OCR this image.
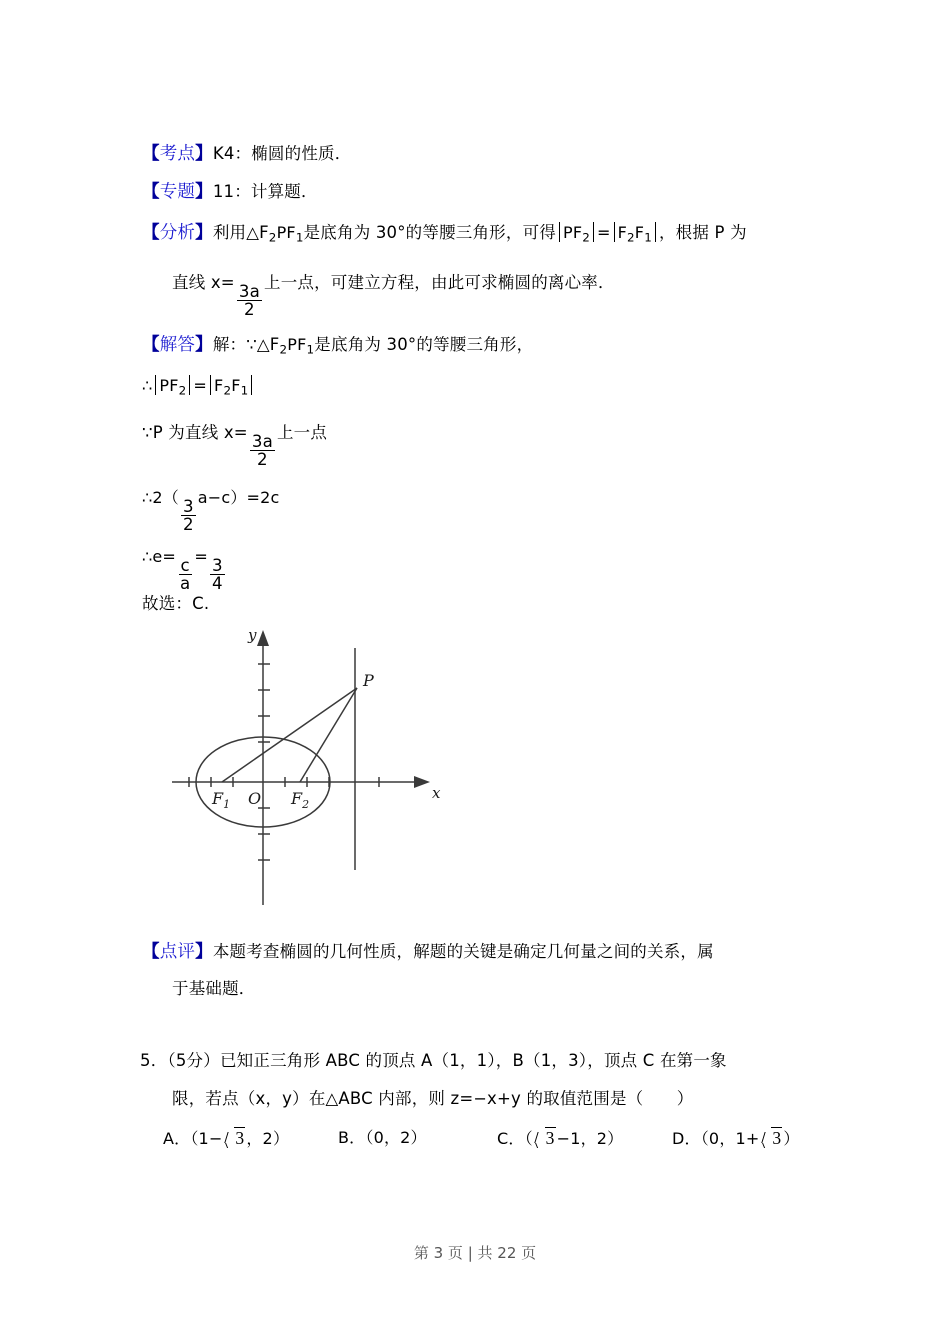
【考点】K4：椭圆的性质．
【专题】11：计算题．
【分析】利用$\triangle F_2PF_1$是底角为 30°的等腰三角形，可得 $PF_2 = F_2F_1$ ，根据 P 为
直线 x=
$\frac{3a}{2}$
上一点，可建立方程，由此可求椭圆的离心率．
【解答】解：$\because\triangle F_2PF_1$是底角为 30°的等腰三角形，
∴ $PF_2 = F_2F_1$
∵P 为直线 x=
$\frac{3a}{2}$
上一点
∴2（
$\frac{3}{2}$
a−c）=2c
∴e=
$\frac{c}{a}$
=
$\frac{3}{4}$
故选：C.
y
x
O
$F_1$	$F_2$
P
【点评】本题考查椭圆的几何性质，解题的关键是确定几何量之间的关系，属
于基础题．
5．（5分）已知正三角形 ABC 的顶点 A（1，1），B（1，3），顶点 C 在第一象
限，若点（x，y）在△ABC 内部，则 z=−x+y 的取值范围是（　　）
A．（1− 3 ，2）	B．（0，2）	C．（ 3 −1，2）	D．（0，1+ 3 ）
第 3 页 | 共 22 页
